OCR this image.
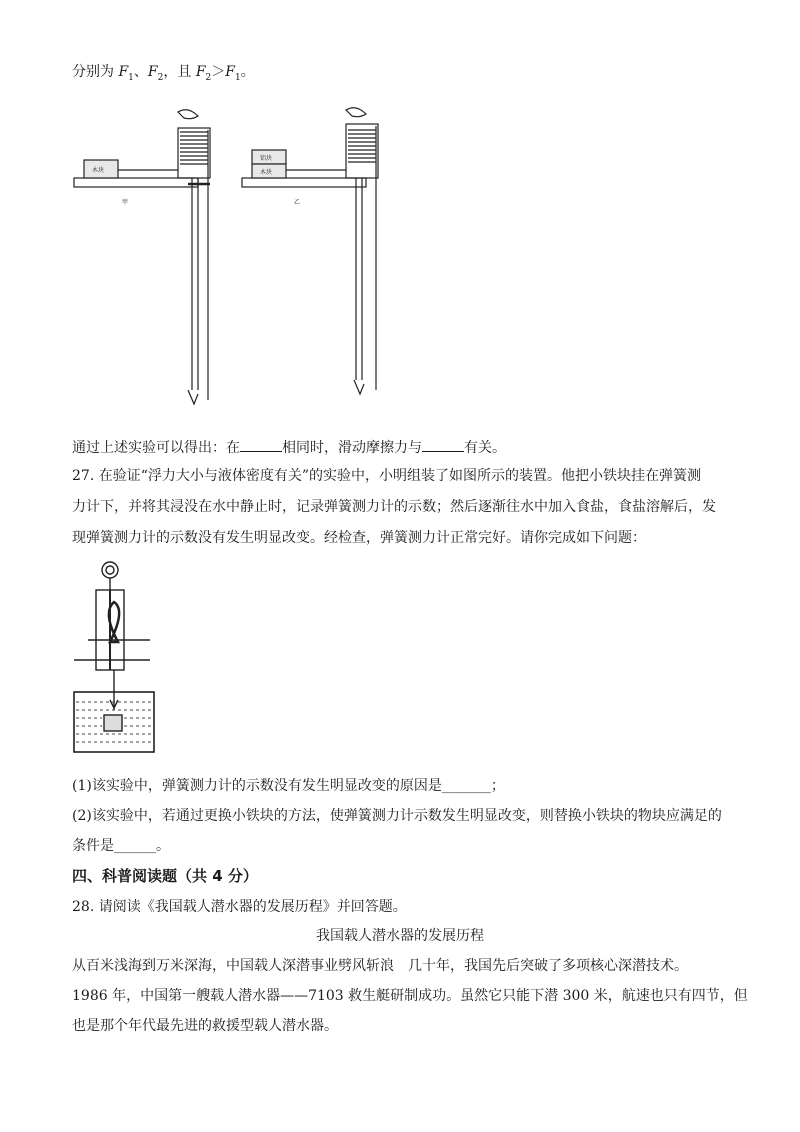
分别为 $F_1$、$F_2$，且 $F_2>F_1$。
木块
甲
铝块
木块
乙
通过上述实验可以得出：在	相同时，滑动摩擦力与	有关。
27. 在验证“浮力大小与液体密度有关”的实验中，小明组装了如图所示的装置。他把小铁块挂在弹簧测
力计下，并将其浸没在水中静止时，记录弹簧测力计的示数；然后逐渐往水中加入食盐，食盐溶解后，发
现弹簧测力计的示数没有发生明显改变。经检查，弹簧测力计正常完好。请你完成如下问题：
(1)该实验中，弹簧测力计的示数没有发生明显改变的原因是_______；
(2)该实验中，若通过更换小铁块的方法，使弹簧测力计示数发生明显改变，则替换小铁块的物块应满足的
条件是______。
四、科普阅读题（共 4 分）
28. 请阅读《我国载人潜水器的发展历程》并回答题。
我国载人潜水器的发展历程
从百米浅海到万米深海，中国载人深潜事业劈风斩浪　几十年，我国先后突破了多项核心深潜技术。
1986 年，中国第一艘载人潜水器——7103 救生艇研制成功。虽然它只能下潜 300 米，航速也只有四节，但
也是那个年代最先进的救援型载人潜水器。
